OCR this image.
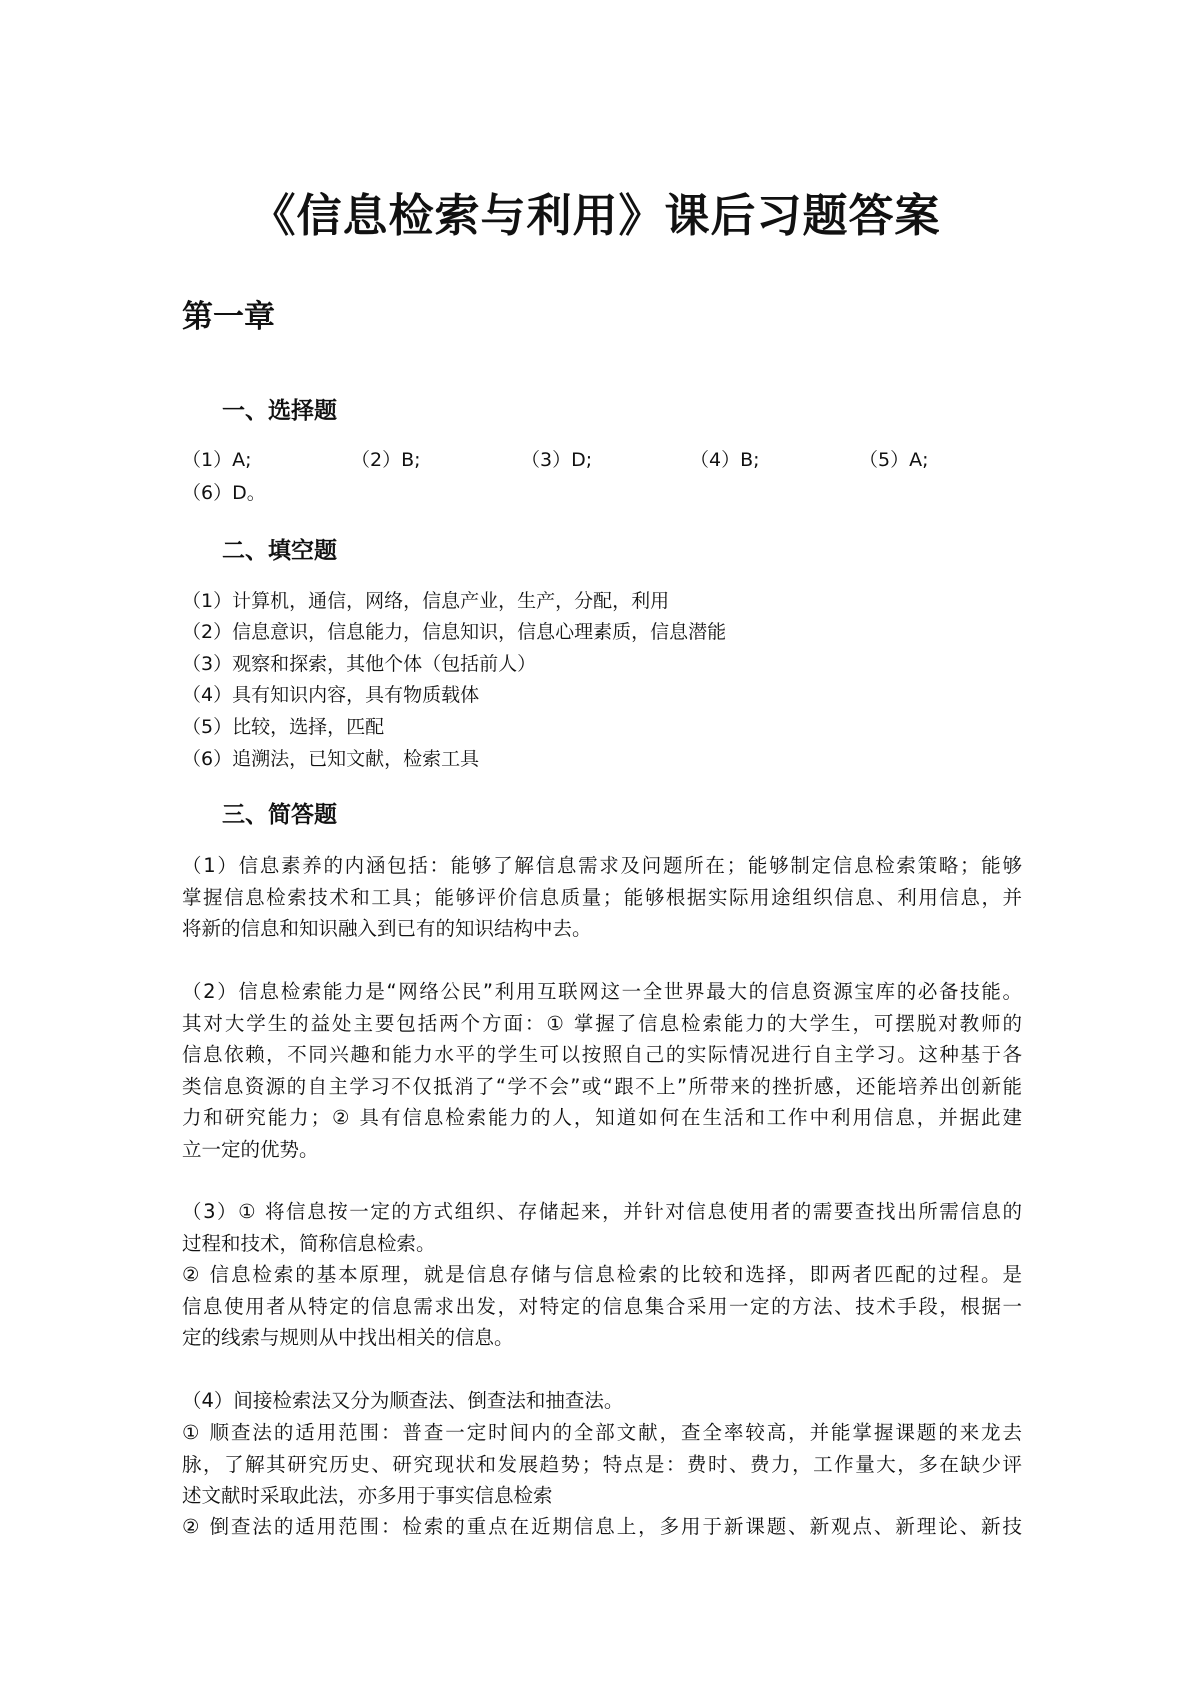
《信息检索与利用》课后习题答案
第一章
一、选择题
（1）A;	（2）B;	（3）D;	（4）B;	（5）A;
（6）D。
二、填空题
（1）计算机，通信，网络，信息产业，生产，分配，利用
（2）信息意识，信息能力，信息知识，信息心理素质，信息潜能
（3）观察和探索，其他个体（包括前人）
（4）具有知识内容，具有物质载体
（5）比较，选择，匹配
（6）追溯法，已知文献，检索工具
三、简答题
（1）信息素养的内涵包括：能够了解信息需求及问题所在；能够制定信息检索策略；能够
掌握信息检索技术和工具；能够评价信息质量；能够根据实际用途组织信息、利用信息，并
将新的信息和知识融入到已有的知识结构中去。
（2）信息检索能力是“网络公民”利用互联网这一全世界最大的信息资源宝库的必备技能。
其对大学生的益处主要包括两个方面：① 掌握了信息检索能力的大学生，可摆脱对教师的
信息依赖，不同兴趣和能力水平的学生可以按照自己的实际情况进行自主学习。这种基于各
类信息资源的自主学习不仅抵消了“学不会”或“跟不上”所带来的挫折感，还能培养出创新能
力和研究能力；② 具有信息检索能力的人，知道如何在生活和工作中利用信息，并据此建
立一定的优势。
（3）① 将信息按一定的方式组织、存储起来，并针对信息使用者的需要查找出所需信息的
过程和技术，简称信息检索。
② 信息检索的基本原理，就是信息存储与信息检索的比较和选择，即两者匹配的过程。是
信息使用者从特定的信息需求出发，对特定的信息集合采用一定的方法、技术手段，根据一
定的线索与规则从中找出相关的信息。
（4）间接检索法又分为顺查法、倒查法和抽查法。
① 顺查法的适用范围：普查一定时间内的全部文献，查全率较高，并能掌握课题的来龙去
脉，了解其研究历史、研究现状和发展趋势；特点是：费时、费力，工作量大，多在缺少评
述文献时采取此法，亦多用于事实信息检索
② 倒查法的适用范围：检索的重点在近期信息上，多用于新课题、新观点、新理论、新技
